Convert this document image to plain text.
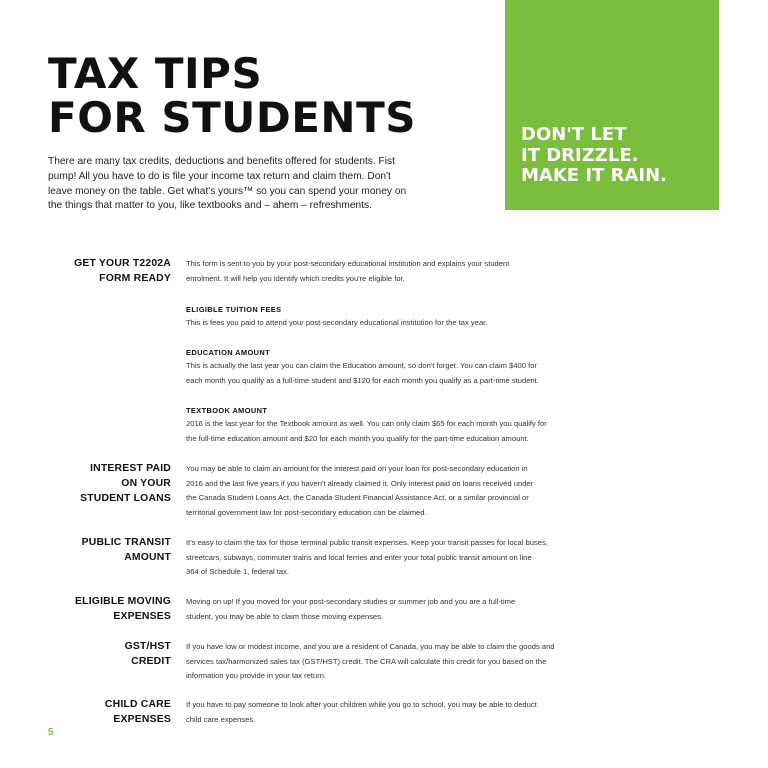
TAX TIPS
FOR STUDENTS

There are many tax credits, deductions and benefits offered for students. Fist pump! All you have to do is file your income tax return and claim them. Don't leave money on the table. Get what's yours™ so you can spend your money on the things that matter to you, like textbooks and – ahem – refreshments.

DON'T LET
IT DRIZZLE.
MAKE IT RAIN.
GET YOUR T2202A
FORM READY

This form is sent to you by your post-secondary educational institution and explains your student
enrolment. It will help you identify which credits you're eligible for.

ELIGIBLE TUITION FEES

This is fees you paid to attend your post-secondary educational institution for the tax year.

EDUCATION AMOUNT

This is actually the last year you can claim the Education amount, so don't forget. You can claim $400 for
each month you qualify as a full-time student and $120 for each month you qualify as a part-time student.

TEXTBOOK AMOUNT

2016 is the last year for the Textbook amount as well. You can only claim $65 for each month you qualify for
the full-time education amount and $20 for each month you qualify for the part-time education amount.

INTEREST PAID
ON YOUR
STUDENT LOANS

You may be able to claim an amount for the interest paid on your loan for post-secondary education in
2016 and the last five years if you haven't already claimed it. Only interest paid on loans received under
the Canada Student Loans Act, the Canada Student Financial Assistance Act, or a similar provincial or
territorial government law for post-secondary education can be claimed.

PUBLIC TRANSIT
AMOUNT

It's easy to claim the tax for those terminal public transit expenses. Keep your transit passes for local buses,
streetcars, subways, commuter trains and local ferries and enter your total public transit amount on line
364 of Schedule 1, federal tax.

ELIGIBLE MOVING
EXPENSES

Moving on up! If you moved for your post-secondary studies or summer job and you are a full-time
student, you may be able to claim those moving expenses.

GST/HST
CREDIT

If you have low or modest income, and you are a resident of Canada, you may be able to claim the goods and
services tax/harmonized sales tax (GST/HST) credit. The CRA will calculate this credit for you based on the
information you provide in your tax return.

CHILD CARE
EXPENSES

If you have to pay someone to look after your children while you go to school, you may be able to deduct
child care expenses.

5
